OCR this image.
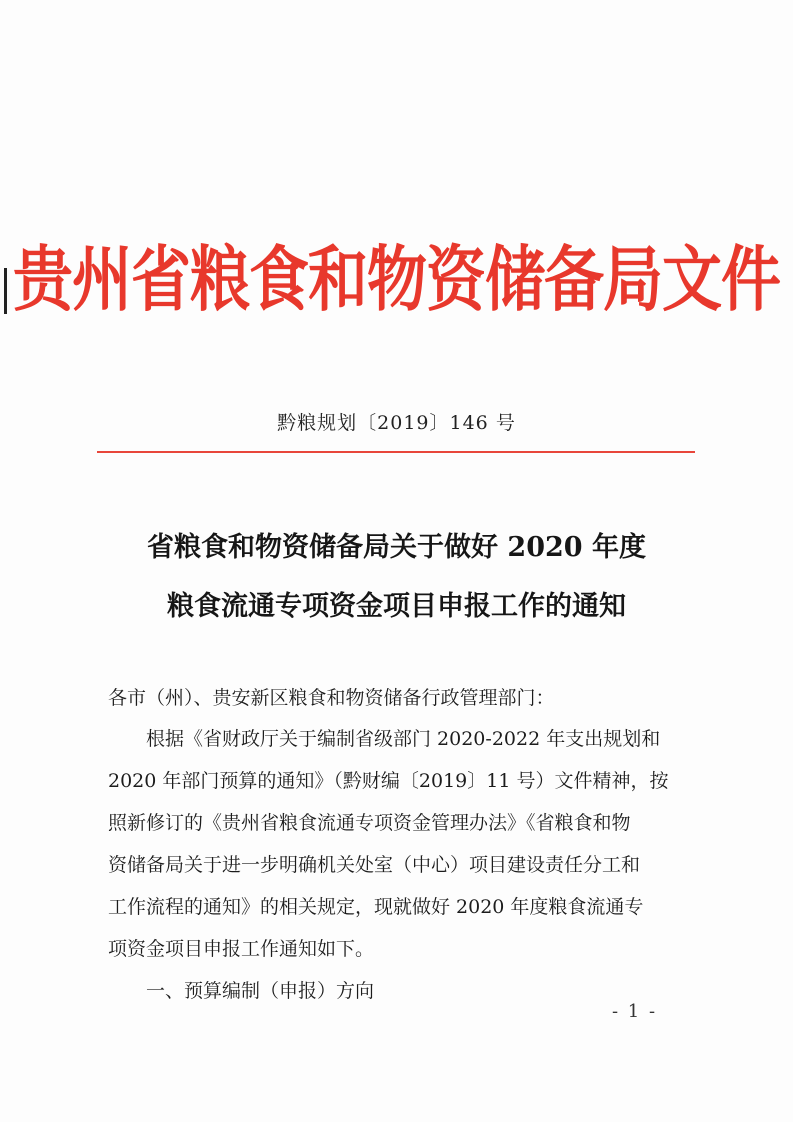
贵州省粮食和物资储备局文件
黔粮规划〔2019〕146 号
省粮食和物资储备局关于做好 2020 年度
粮食流通专项资金项目申报工作的通知
各市（州）、贵安新区粮食和物资储备行政管理部门：
　　根据《省财政厅关于编制省级部门 2020-2022 年支出规划和
2020 年部门预算的通知》（黔财编〔2019〕11 号）文件精神，按
照新修订的《贵州省粮食流通专项资金管理办法》《省粮食和物
资储备局关于进一步明确机关处室（中心）项目建设责任分工和
工作流程的通知》的相关规定，现就做好 2020 年度粮食流通专
项资金项目申报工作通知如下。
一、预算编制（申报）方向
- 1 -
